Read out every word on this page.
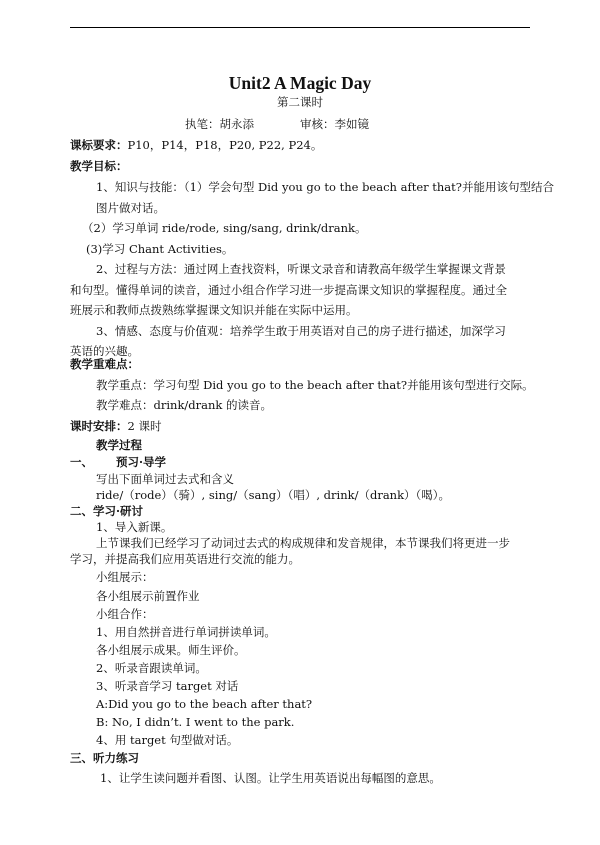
Unit2 A Magic Day
第二课时
执笔：胡永添	审核：李如镜
课标要求：P10，P14，P18，P20, P22, P24。
教学目标：
1、知识与技能：（1）学会句型 Did you go to the beach after that?并能用该句型结合
图片做对话。
（2）学习单词 ride/rode, sing/sang, drink/drank。
(3)学习 Chant Activities。
2、过程与方法：通过网上查找资料，听课文录音和请教高年级学生掌握课文背景
和句型。懂得单词的读音，通过小组合作学习进一步提高课文知识的掌握程度。通过全
班展示和教师点拨熟练掌握课文知识并能在实际中运用。
3、情感、态度与价值观：培养学生敢于用英语对自己的房子进行描述，加深学习
英语的兴趣。
教学重难点：
教学重点：学习句型 Did you go to the beach after that?并能用该句型进行交际。
教学难点：drink/drank 的读音。
课时安排：2 课时
教学过程
一、 预习·导学
写出下面单词过去式和含义
ride/（rode）（骑）, sing/（sang）（唱）, drink/（drank）（喝）。
二、学习·研讨
1、导入新课。
上节课我们已经学习了动词过去式的构成规律和发音规律，本节课我们将更进一步
学习，并提高我们应用英语进行交流的能力。
小组展示：
各小组展示前置作业
小组合作：
1、用自然拼音进行单词拼读单词。
各小组展示成果。师生评价。
2、听录音跟读单词。
3、听录音学习 target 对话
A:Did you go to the beach after that?
B: No, I didn’t. I went to the park.
4、用 target 句型做对话。
三、听力练习
1、让学生读问题并看图、认图。让学生用英语说出每幅图的意思。
